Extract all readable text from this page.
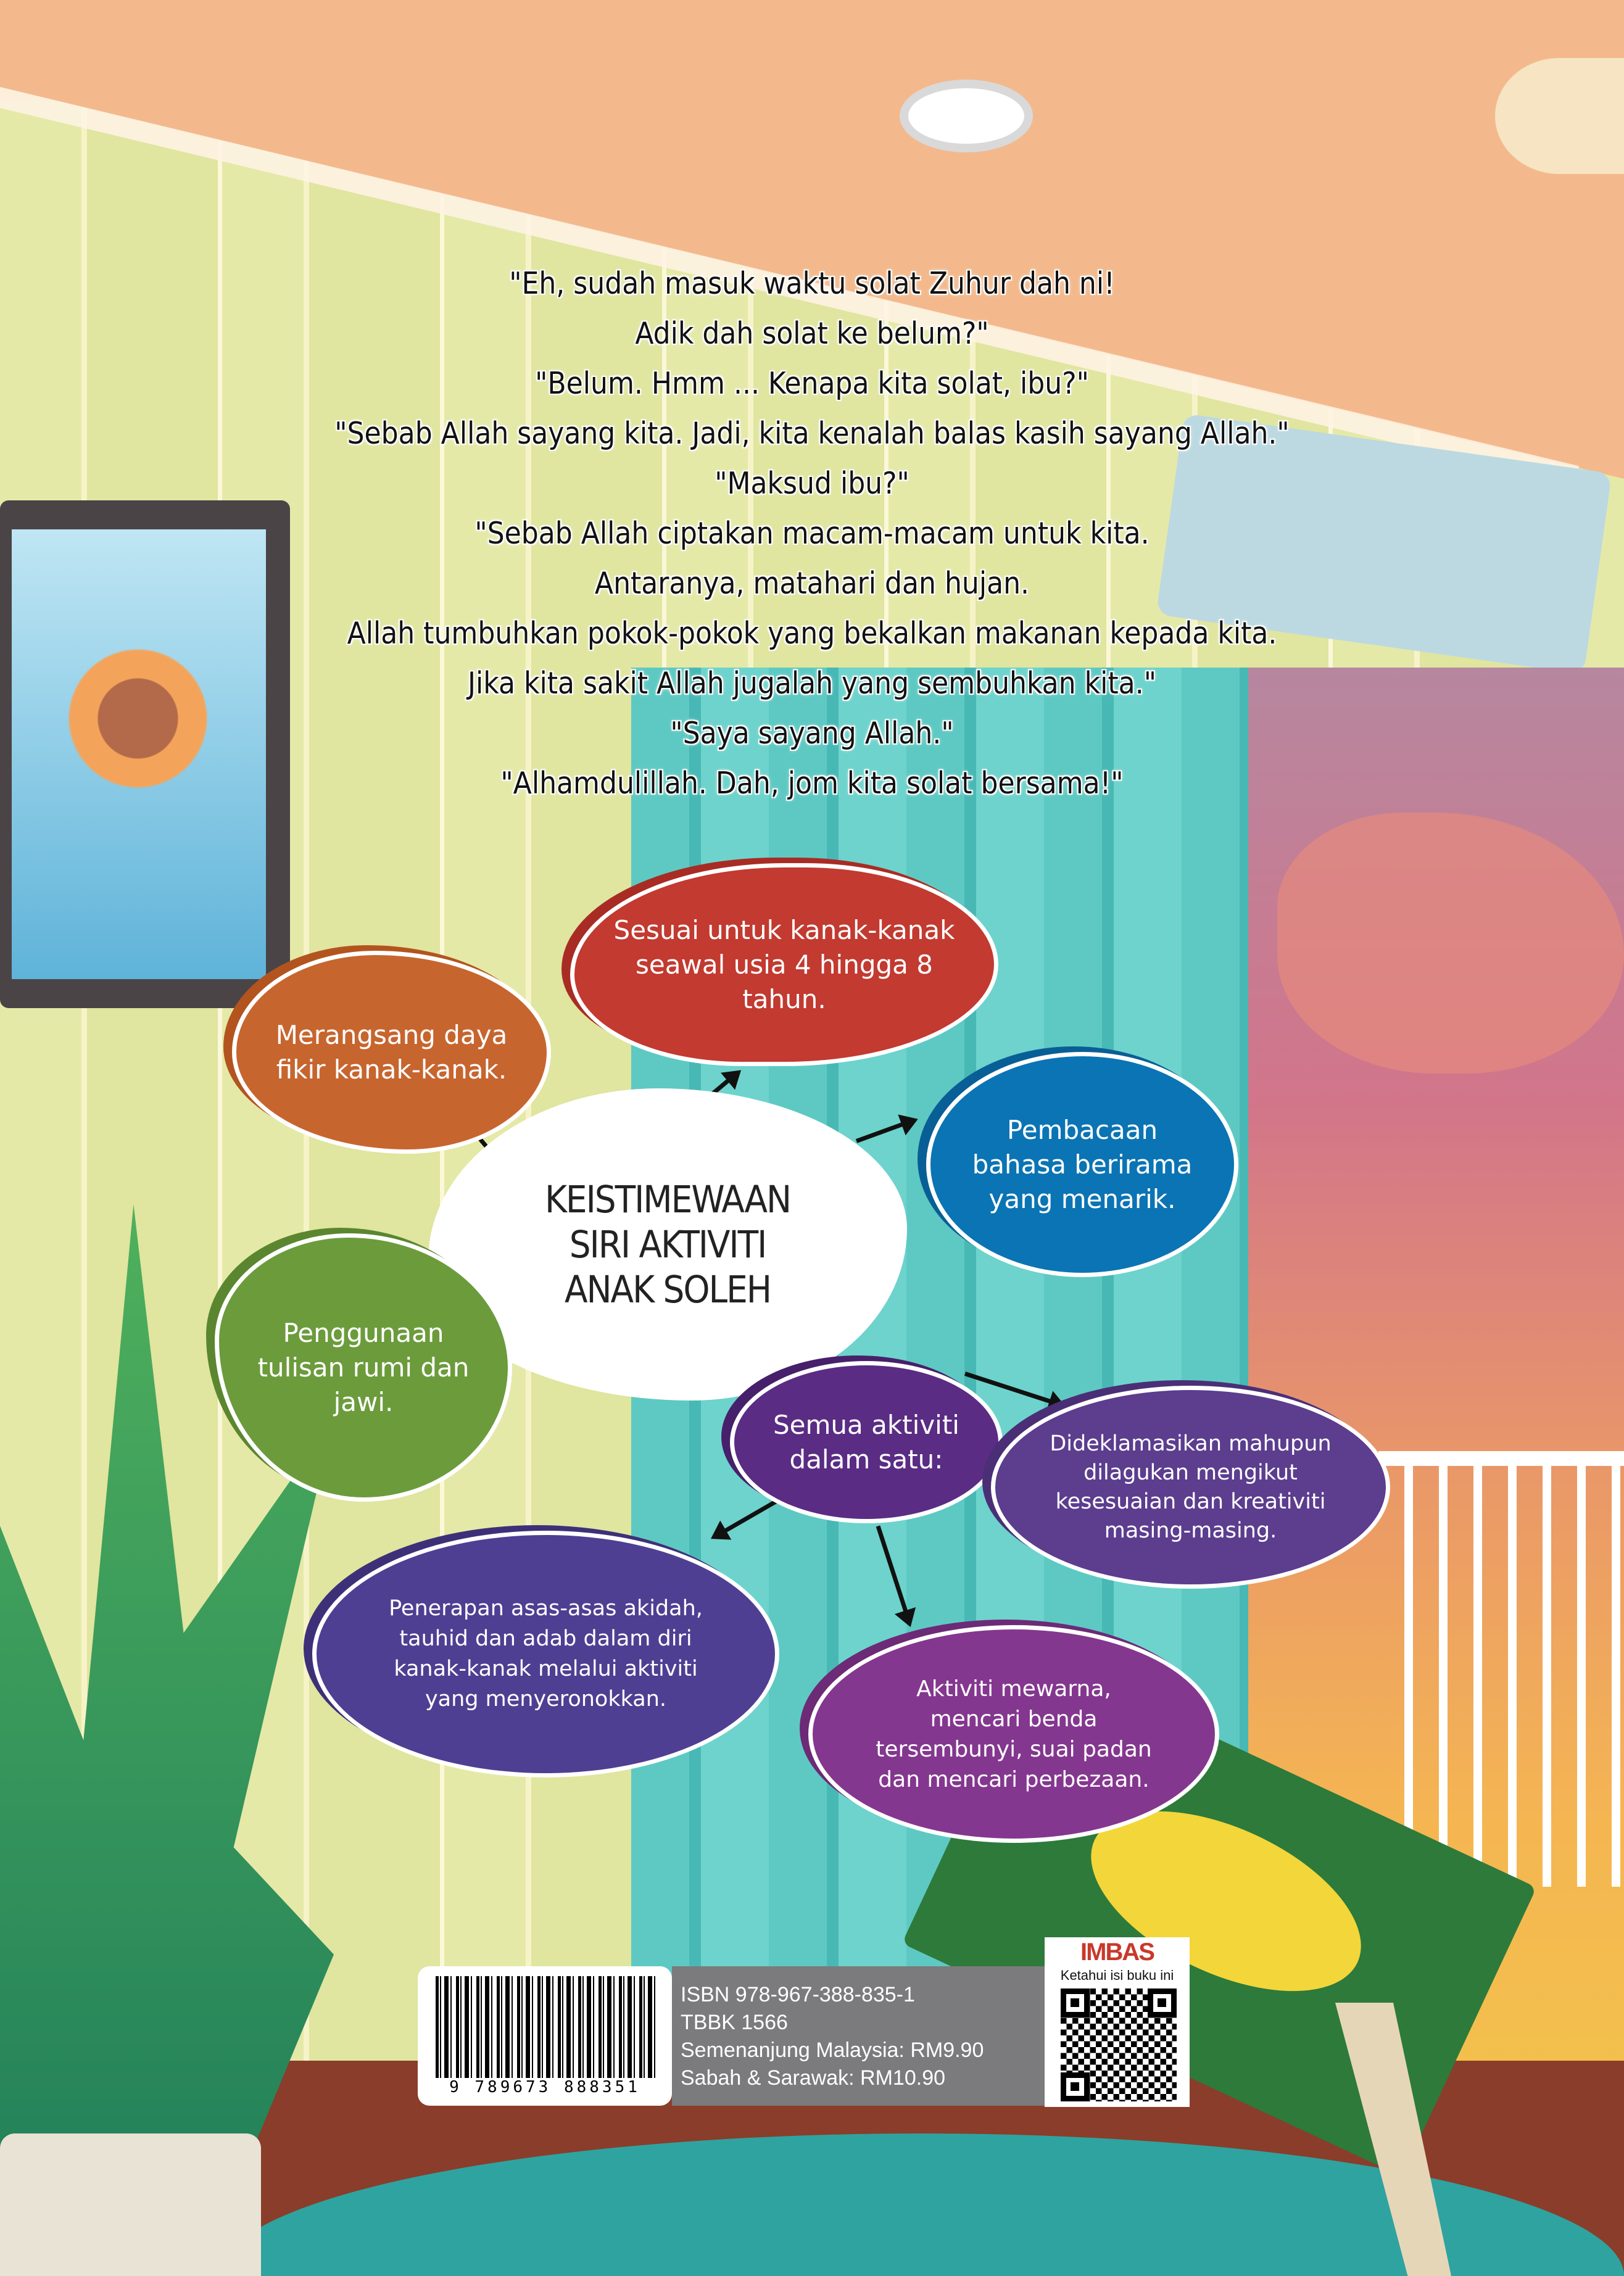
"Eh, sudah masuk waktu solat Zuhur dah ni!
Adik dah solat ke belum?"
"Belum. Hmm ... Kenapa kita solat, ibu?"
"Sebab Allah sayang kita. Jadi, kita kenalah balas kasih sayang Allah."
"Maksud ibu?"
"Sebab Allah ciptakan macam-macam untuk kita.
Antaranya, matahari dan hujan.
Allah tumbuhkan pokok-pokok yang bekalkan makanan kepada kita.
Jika kita sakit Allah jugalah yang sembuhkan kita."
"Saya sayang Allah."
"Alhamdulillah. Dah, jom kita solat bersama!"
Sesuai untuk kanak-kanak seawal usia 4 hingga 8 tahun.
Merangsang daya fikir kanak-kanak.
Pembacaan bahasa berirama yang menarik.
KEISTIMEWAAN
SIRI AKTIVITI
ANAK SOLEH
Penggunaan tulisan rumi dan jawi.
Semua aktiviti dalam satu:
Dideklamasikan mahupun dilagukan mengikut kesesuaian dan kreativiti masing-masing.
Penerapan asas-asas akidah, tauhid dan adab dalam diri kanak-kanak melalui aktiviti yang menyeronokkan.	Aktiviti mewarna, mencari benda tersembunyi, suai padan dan mencari perbezaan.
9 789673 888351
ISBN 978-967-388-835-1
TBBK 1566
Semenanjung Malaysia: RM9.90
Sabah & Sarawak: RM10.90
IMBAS
Ketahui isi buku ini
